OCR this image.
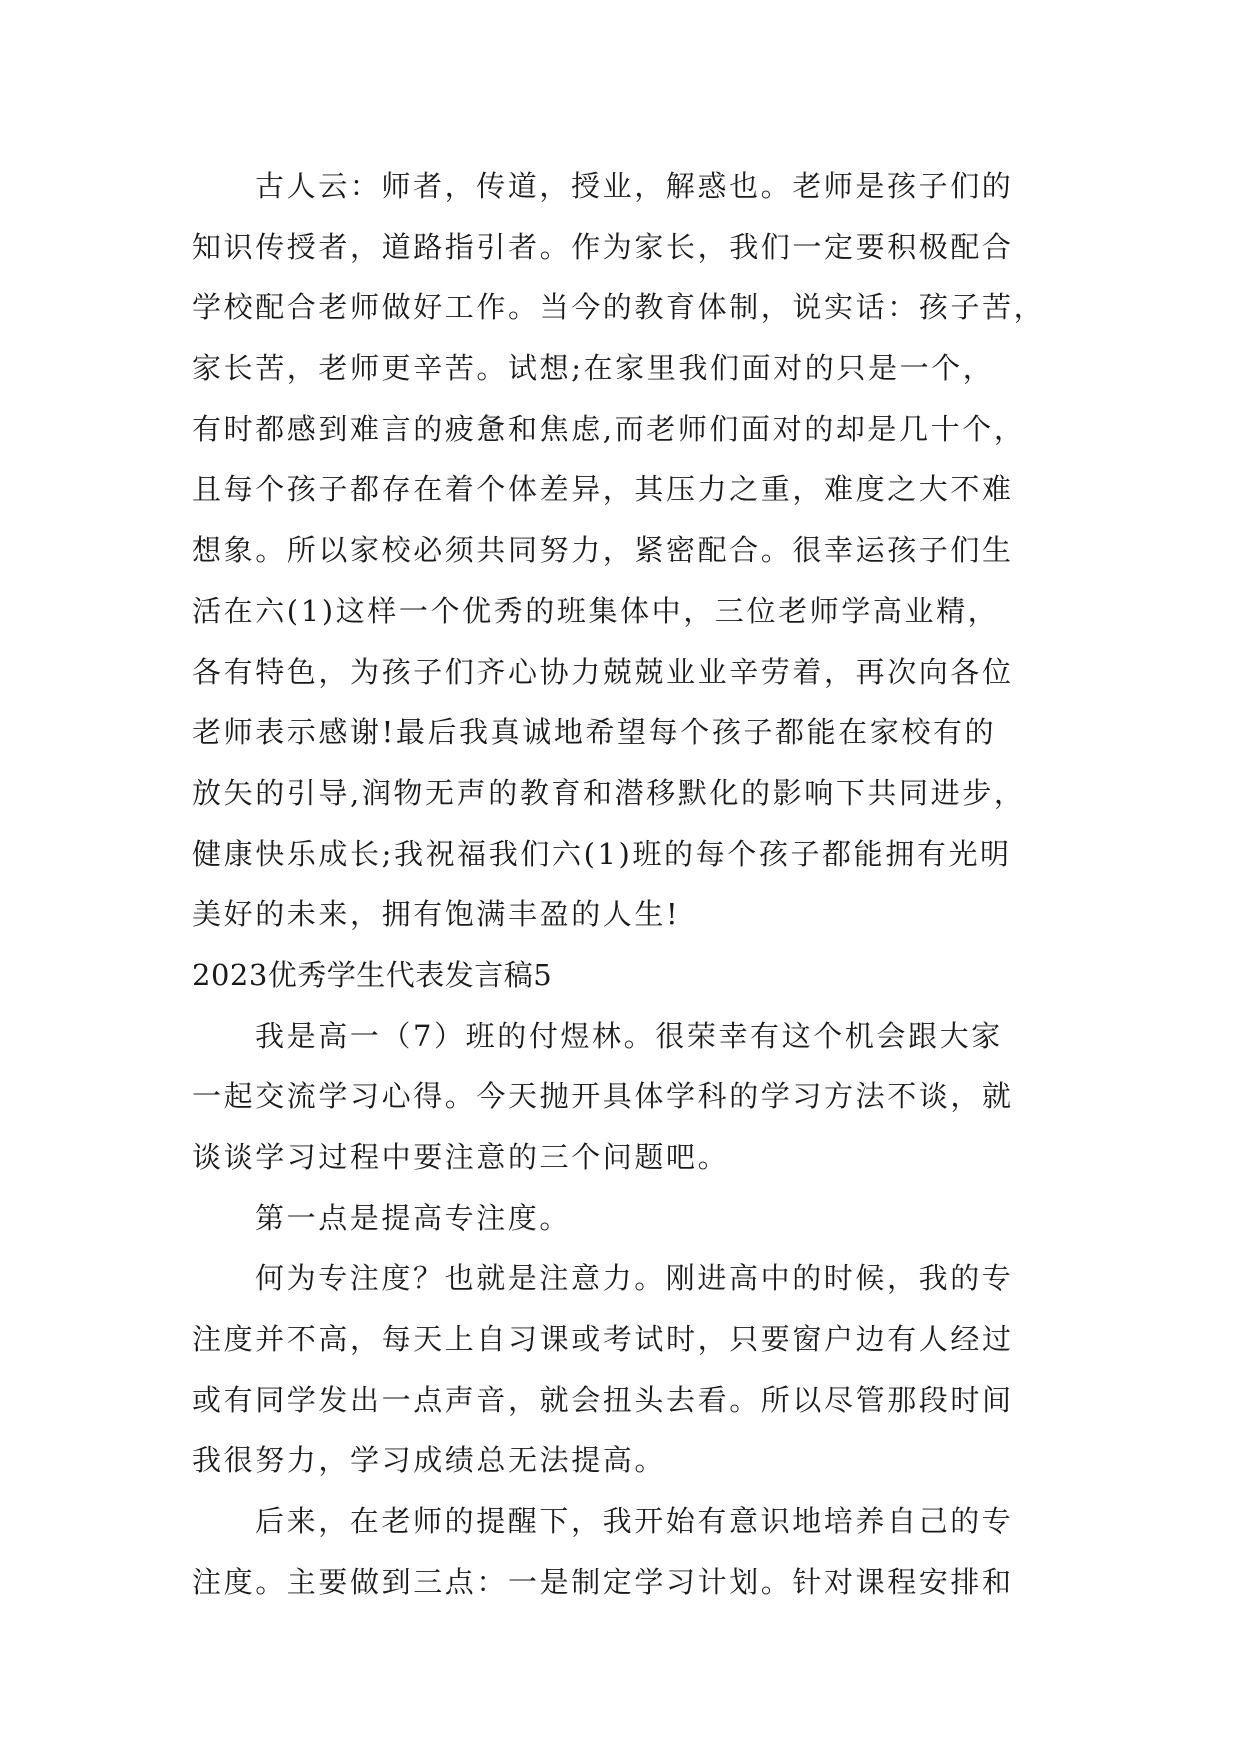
古人云：师者，传道，授业，解惑也。老师是孩子们的
知识传授者，道路指引者。作为家长，我们一定要积极配合
学校配合老师做好工作。当今的教育体制，说实话：孩子苦，
家长苦，老师更辛苦。试想;在家里我们面对的只是一个，
有时都感到难言的疲惫和焦虑,而老师们面对的却是几十个，
且每个孩子都存在着个体差异，其压力之重，难度之大不难
想象。所以家校必须共同努力，紧密配合。很幸运孩子们生
活在六(1)这样一个优秀的班集体中，三位老师学高业精，
各有特色，为孩子们齐心协力兢兢业业辛劳着，再次向各位
老师表示感谢!最后我真诚地希望每个孩子都能在家校有的
放矢的引导,润物无声的教育和潜移默化的影响下共同进步，
健康快乐成长;我祝福我们六(1)班的每个孩子都能拥有光明
美好的未来，拥有饱满丰盈的人生!
2023优秀学生代表发言稿5
我是高一（7）班的付煜林。很荣幸有这个机会跟大家
一起交流学习心得。今天抛开具体学科的学习方法不谈，就
谈谈学习过程中要注意的三个问题吧。
第一点是提高专注度。
何为专注度？也就是注意力。刚进高中的时候，我的专
注度并不高，每天上自习课或考试时，只要窗户边有人经过
或有同学发出一点声音，就会扭头去看。所以尽管那段时间
我很努力，学习成绩总无法提高。
后来，在老师的提醒下，我开始有意识地培养自己的专
注度。主要做到三点：一是制定学习计划。针对课程安排和
